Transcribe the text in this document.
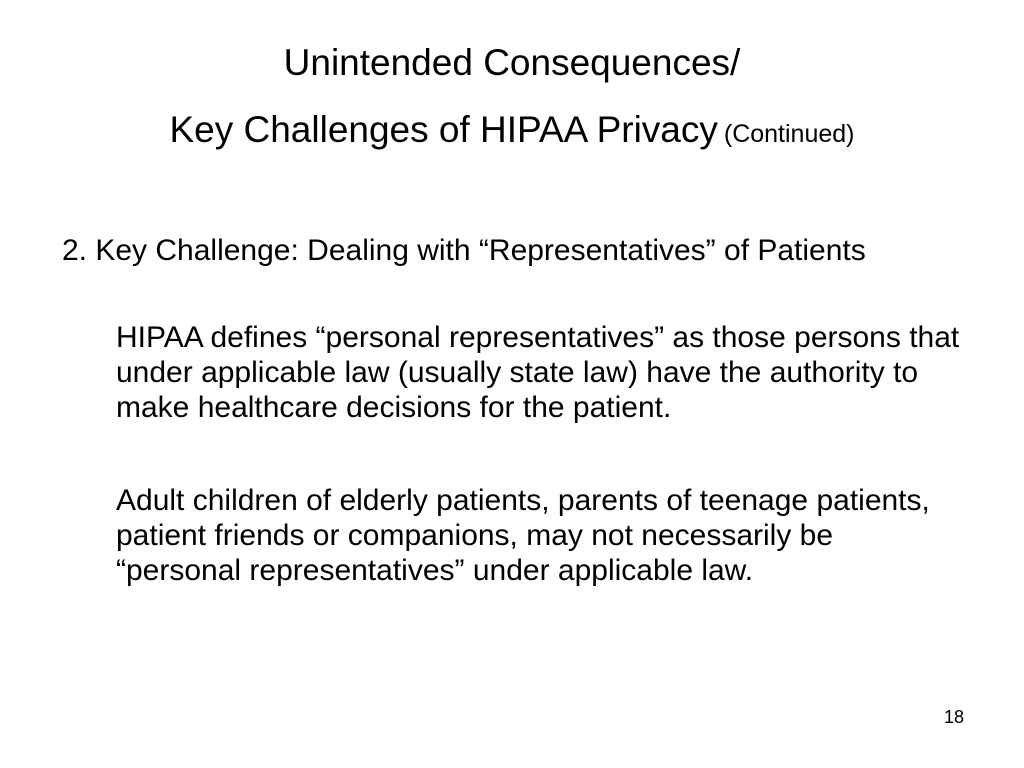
Unintended Consequences/
Key Challenges of HIPAA Privacy (Continued)
2. Key Challenge: Dealing with “Representatives” of Patients
HIPAA defines “personal representatives” as those persons that under applicable law (usually state law) have the authority to make healthcare decisions for the patient.
Adult children of elderly patients, parents of teenage patients, patient friends or companions, may not necessarily be “personal representatives” under applicable law.
18
